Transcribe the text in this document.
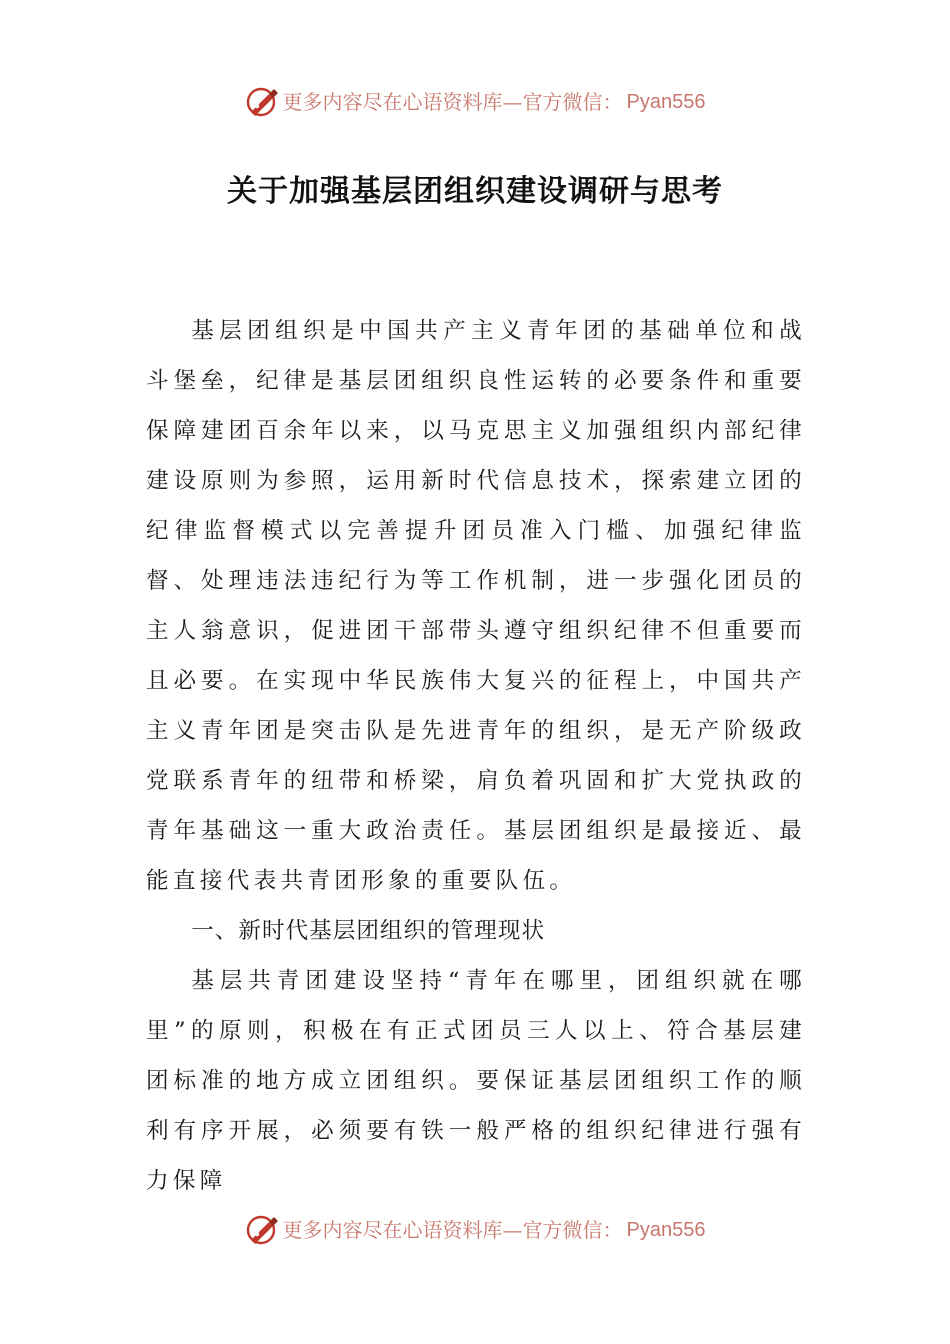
更多内容尽在心语资料库—官方微信： Pyan556
关于加强基层团组织建设调研与思考

基层团组织是中国共产主义青年团的基础单位和战斗堡垒，纪律是基层团组织良性运转的必要条件和重要保障建团百余年以来，以马克思主义加强组织内部纪律建设原则为参照，运用新时代信息技术，探索建立团的纪律监督模式以完善提升团员准入门槛、加强纪律监督、处理违法违纪行为等工作机制，进一步强化团员的主人翁意识，促进团干部带头遵守组织纪律不但重要而且必要。在实现中华民族伟大复兴的征程上，中国共产主义青年团是突击队是先进青年的组织，是无产阶级政党联系青年的纽带和桥梁，肩负着巩固和扩大党执政的青年基础这一重大政治责任。基层团组织是最接近、最能直接代表共青团形象的重要队伍。

一、新时代基层团组织的管理现状

基层共青团建设坚持“青年在哪里，团组织就在哪里”的原则，积极在有正式团员三人以上、符合基层建团标准的地方成立团组织。要保证基层团组织工作的顺利有序开展，必须要有铁一般严格的组织纪律进行强有力保障

更多内容尽在心语资料库—官方微信： Pyan556
